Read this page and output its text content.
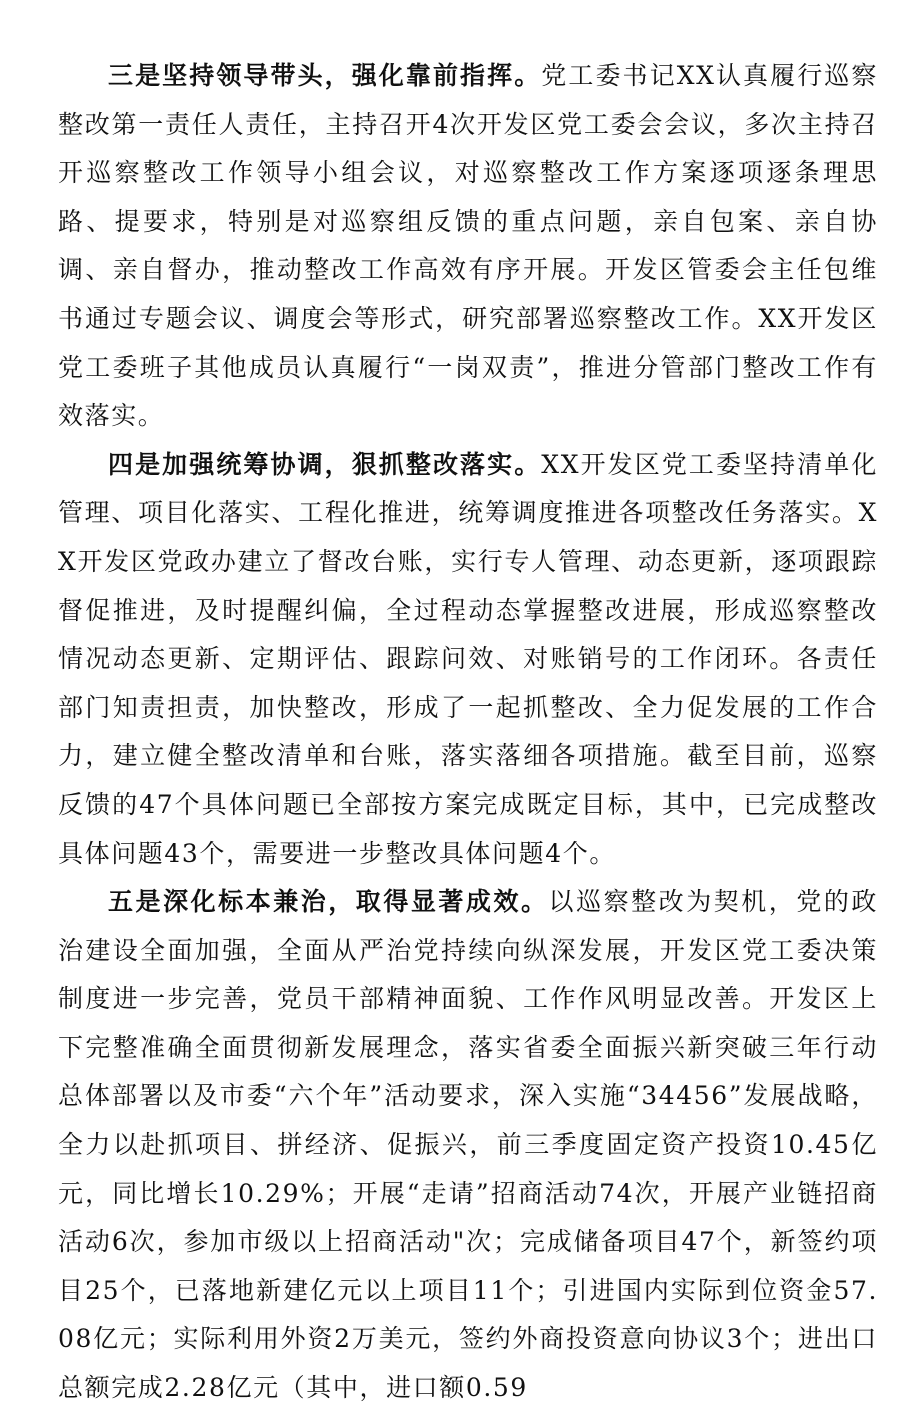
三是坚持领导带头，强化靠前指挥。党工委书记XX认真履行巡察整改第一责任人责任，主持召开4次开发区党工委会会议，多次主持召开巡察整改工作领导小组会议，对巡察整改工作方案逐项逐条理思路、提要求，特别是对巡察组反馈的重点问题，亲自包案、亲自协调、亲自督办，推动整改工作高效有序开展。开发区管委会主任包维书通过专题会议、调度会等形式，研究部署巡察整改工作。XX开发区党工委班子其他成员认真履行“一岗双责”，推进分管部门整改工作有效落实。

四是加强统筹协调，狠抓整改落实。XX开发区党工委坚持清单化管理、项目化落实、工程化推进，统筹调度推进各项整改任务落实。XX开发区党政办建立了督改台账，实行专人管理、动态更新，逐项跟踪督促推进，及时提醒纠偏，全过程动态掌握整改进展，形成巡察整改情况动态更新、定期评估、跟踪问效、对账销号的工作闭环。各责任部门知责担责，加快整改，形成了一起抓整改、全力促发展的工作合力，建立健全整改清单和台账，落实落细各项措施。截至目前，巡察反馈的47个具体问题已全部按方案完成既定目标，其中，已完成整改具体问题43个，需要进一步整改具体问题4个。

五是深化标本兼治，取得显著成效。以巡察整改为契机，党的政治建设全面加强，全面从严治党持续向纵深发展，开发区党工委决策制度进一步完善，党员干部精神面貌、工作作风明显改善。开发区上下完整准确全面贯彻新发展理念，落实省委全面振兴新突破三年行动总体部署以及市委“六个年”活动要求，深入实施“34456”发展战略，全力以赴抓项目、拼经济、促振兴，前三季度固定资产投资10.45亿元，同比增长10.29%；开展“走请”招商活动74次，开展产业链招商活动6次，参加市级以上招商活动"次；完成储备项目47个，新签约项目25个，已落地新建亿元以上项目11个；引进国内实际到位资金57.08亿元；实际利用外资2万美元，签约外商投资意向协议3个；进出口总额完成2.28亿元（其中，进口额0.59
